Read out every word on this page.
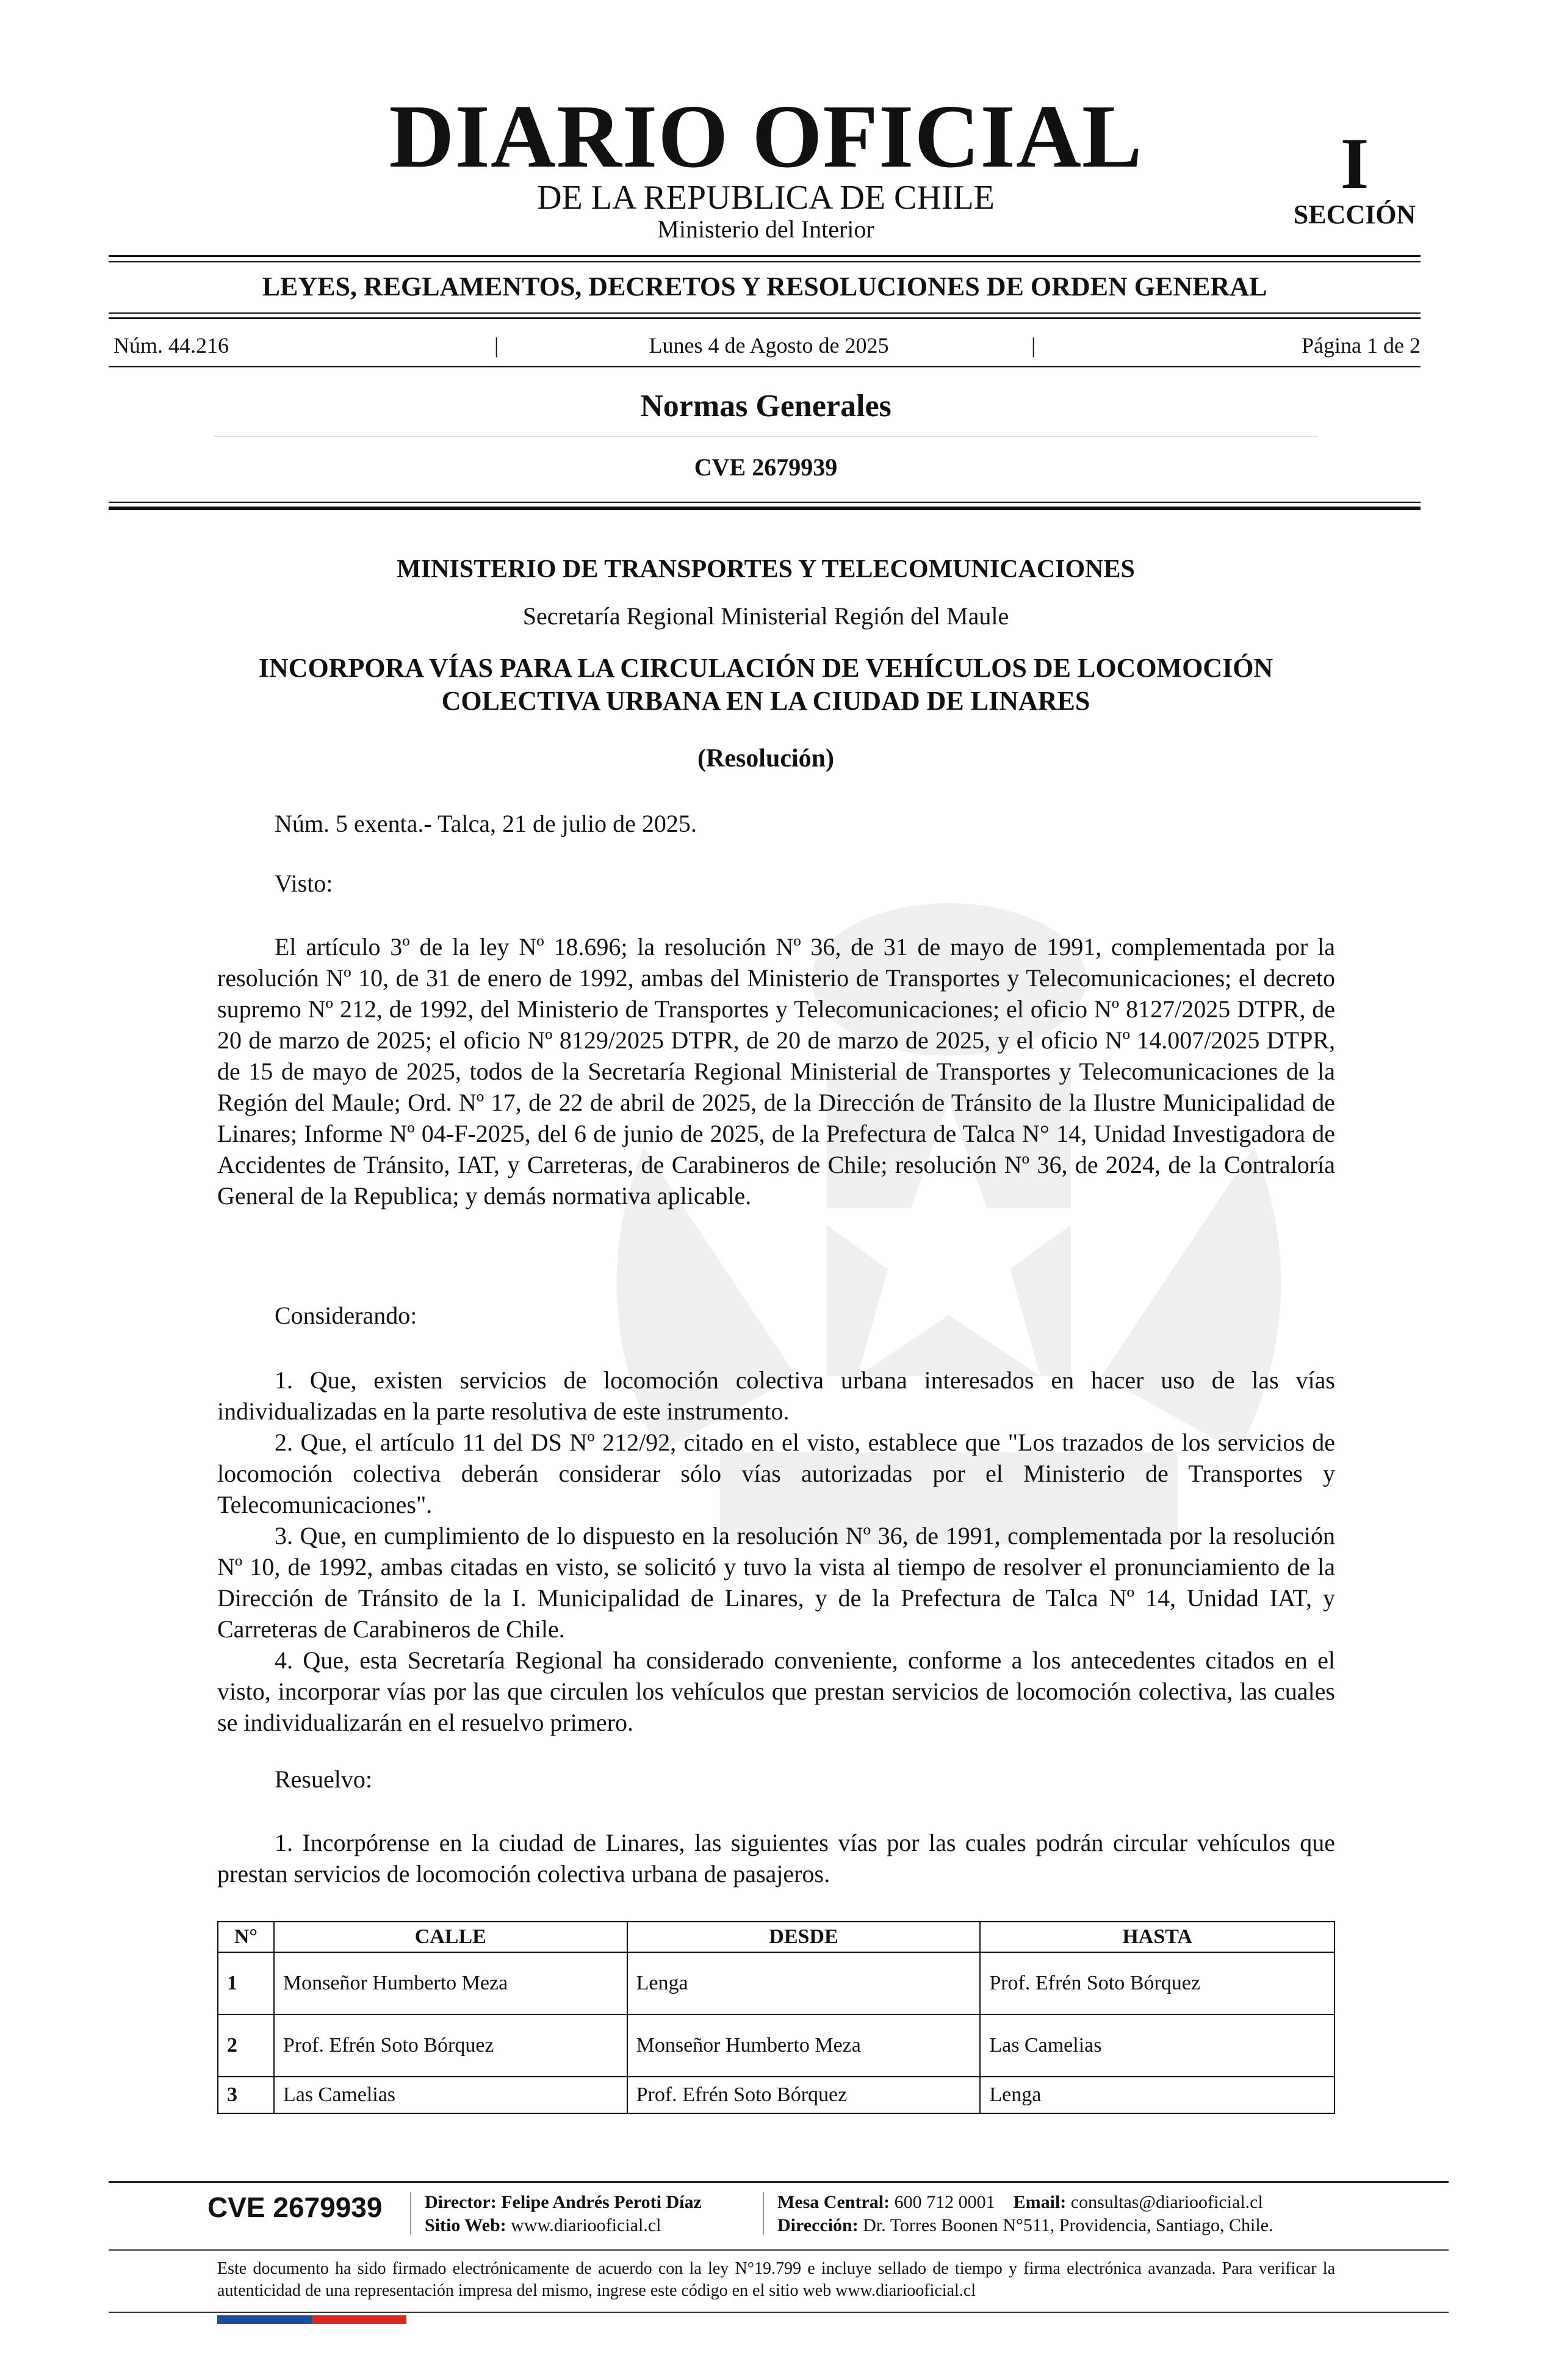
DIARIO OFICIAL
DE LA REPUBLICA DE CHILE
Ministerio del Interior
I
SECCIÓN
LEYES, REGLAMENTOS, DECRETOS Y RESOLUCIONES DE ORDEN GENERAL
Núm. 44.216	|	Lunes 4 de Agosto de 2025	|	Página 1 de 2
Normas Generales
CVE 2679939
MINISTERIO DE TRANSPORTES Y TELECOMUNICACIONES
Secretaría Regional Ministerial Región del Maule
INCORPORA VÍAS PARA LA CIRCULACIÓN DE VEHÍCULOS DE LOCOMOCIÓN COLECTIVA URBANA EN LA CIUDAD DE LINARES
(Resolución)
Núm. 5 exenta.- Talca, 21 de julio de 2025.
Visto:
El artículo 3º de la ley Nº 18.696; la resolución Nº 36, de 31 de mayo de 1991, complementada por la resolución Nº 10, de 31 de enero de 1992, ambas del Ministerio de Transportes y Telecomunicaciones; el decreto supremo Nº 212, de 1992, del Ministerio de Transportes y Telecomunicaciones; el oficio Nº 8127/2025 DTPR, de 20 de marzo de 2025; el oficio Nº 8129/2025 DTPR, de 20 de marzo de 2025, y el oficio Nº 14.007/2025 DTPR, de 15 de mayo de 2025, todos de la Secretaría Regional Ministerial de Transportes y Telecomunicaciones de la Región del Maule; Ord. Nº 17, de 22 de abril de 2025, de la Dirección de Tránsito de la Ilustre Municipalidad de Linares; Informe Nº 04-F-2025, del 6 de junio de 2025, de la Prefectura de Talca N° 14, Unidad Investigadora de Accidentes de Tránsito, IAT, y Carreteras, de Carabineros de Chile; resolución Nº 36, de 2024, de la Contraloría General de la Republica; y demás normativa aplicable.
Considerando:

1. Que, existen servicios de locomoción colectiva urbana interesados en hacer uso de las vías individualizadas en la parte resolutiva de este instrumento.

2. Que, el artículo 11 del DS Nº 212/92, citado en el visto, establece que "Los trazados de los servicios de locomoción colectiva deberán considerar sólo vías autorizadas por el Ministerio de Transportes y Telecomunicaciones".

3. Que, en cumplimiento de lo dispuesto en la resolución Nº 36, de 1991, complementada por la resolución Nº 10, de 1992, ambas citadas en visto, se solicitó y tuvo la vista al tiempo de resolver el pronunciamiento de la Dirección de Tránsito de la I. Municipalidad de Linares, y de la Prefectura de Talca Nº 14, Unidad IAT, y Carreteras de Carabineros de Chile.

4. Que, esta Secretaría Regional ha considerado conveniente, conforme a los antecedentes citados en el visto, incorporar vías por las que circulen los vehículos que prestan servicios de locomoción colectiva, las cuales se individualizarán en el resuelvo primero.

Resuelvo:
1. Incorpórense en la ciudad de Linares, las siguientes vías por las cuales podrán circular vehículos que prestan servicios de locomoción colectiva urbana de pasajeros.
N°	CALLE	DESDE	HASTA
1	Monseñor Humberto Meza	Lenga	Prof. Efrén Soto Bórquez
2	Prof. Efrén Soto Bórquez	Monseñor Humberto Meza	Las Camelias
3	Las Camelias	Prof. Efrén Soto Bórquez	Lenga
CVE 2679939 Director: Felipe Andrés Peroti Díaz
Sitio Web: www.diariooficial.cl
Mesa Central: 600 712 0001 Email: consultas@diariooficial.cl
Dirección: Dr. Torres Boonen N°511, Providencia, Santiago, Chile.
Este documento ha sido firmado electrónicamente de acuerdo con la ley N°19.799 e incluye sellado de tiempo y firma electrónica avanzada. Para verificar la autenticidad de una representación impresa del mismo, ingrese este código en el sitio web www.diariooficial.cl
